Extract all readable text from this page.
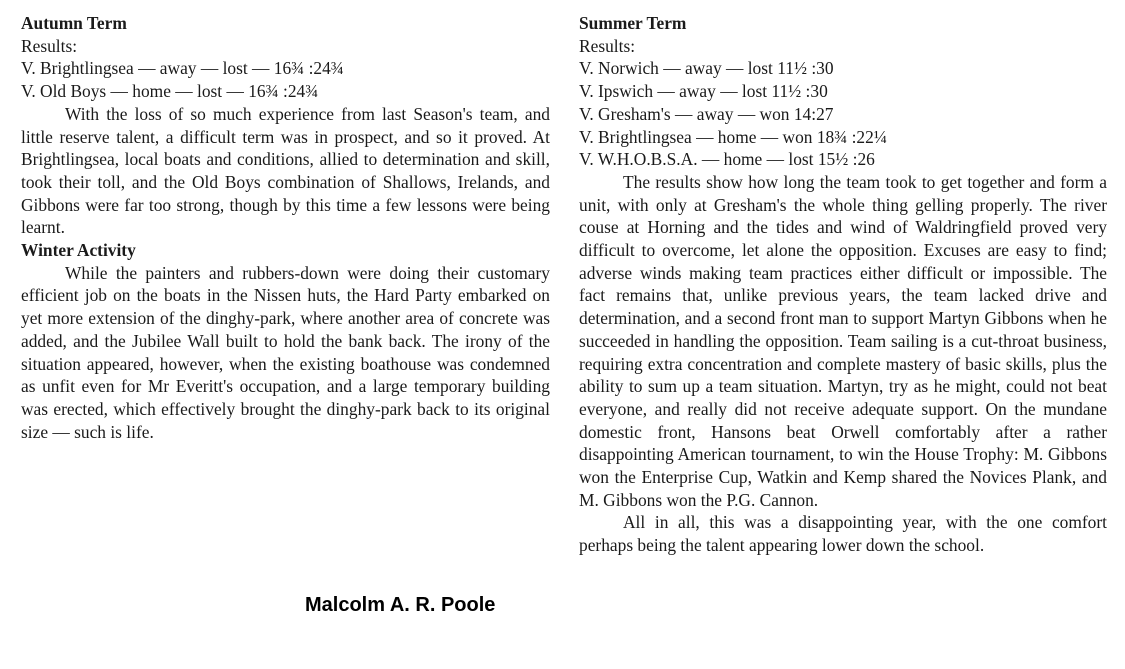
Autumn Term
Results:
V. Brightlingsea — away — lost — 16¾ :24¾
V. Old Boys — home — lost — 16¾ :24¾

With the loss of so much experience from last Season's team, and little reserve talent, a difficult term was in prospect, and so it proved. At Brightlingsea, local boats and conditions, allied to determination and skill, took their toll, and the Old Boys combination of Shallows, Irelands, and Gibbons were far too strong, though by this time a few lessons were being learnt.

Winter Activity

While the painters and rubbers-down were doing their customary efficient job on the boats in the Nissen huts, the Hard Party embarked on yet more extension of the dinghy-park, where another area of concrete was added, and the Jubilee Wall built to hold the bank back. The irony of the situation appeared, however, when the existing boathouse was condemned as unfit even for Mr Everitt's occupation, and a large temporary building was erected, which effectively brought the dinghy-park back to its original size — such is life.

Summer Term
Results:
V. Norwich — away — lost 11½ :30
V. Ipswich — away — lost 11½ :30
V. Gresham's — away — won 14:27
V. Brightlingsea — home — won 18¾ :22¼
V. W.H.O.B.S.A. — home — lost 15½ :26

The results show how long the team took to get together and form a unit, with only at Gresham's the whole thing gelling properly. The river couse at Horning and the tides and wind of Waldringfield proved very difficult to overcome, let alone the opposition. Excuses are easy to find; adverse winds making team practices either difficult or impossible. The fact remains that, unlike previous years, the team lacked drive and determination, and a second front man to support Martyn Gibbons when he succeeded in handling the opposition. Team sailing is a cut-throat business, requiring extra concentration and complete mastery of basic skills, plus the ability to sum up a team situation. Martyn, try as he might, could not beat everyone, and really did not receive adequate support. On the mundane domestic front, Hansons beat Orwell comfortably after a rather disappointing American tournament, to win the House Trophy: M. Gibbons won the Enterprise Cup, Watkin and Kemp shared the Novices Plank, and M. Gibbons won the P.G. Cannon.

All in all, this was a disappointing year, with the one comfort perhaps being the talent appearing lower down the school.

Malcolm A. R. Poole
